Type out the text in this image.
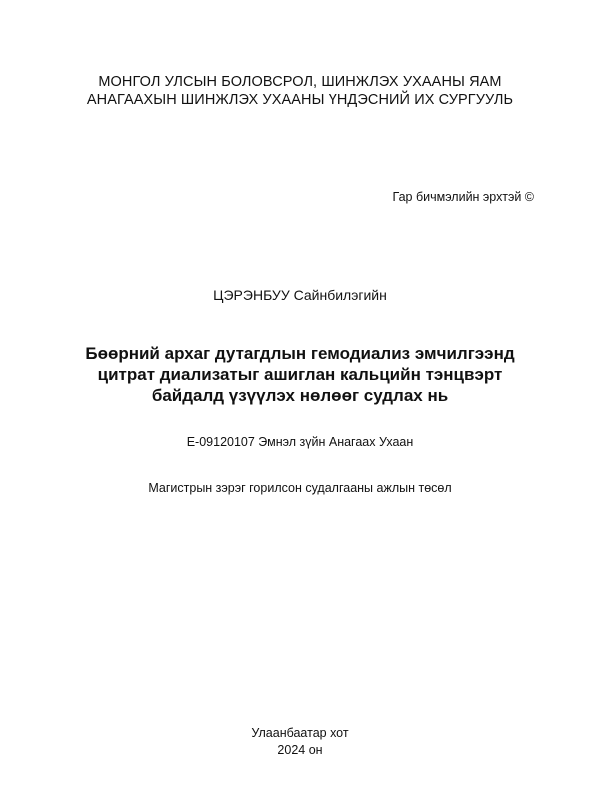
МОНГОЛ УЛСЫН БОЛОВСРОЛ, ШИНЖЛЭХ УХААНЫ ЯАМ
АНАГААХЫН ШИНЖЛЭХ УХААНЫ ҮНДЭСНИЙ ИХ СУРГУУЛЬ
Гар бичмэлийн эрхтэй ©
ЦЭРЭНБУУ Сайнбилэгийн
Бөөрний архаг дутагдлын гемодиализ эмчилгээнд
цитрат диализатыг ашиглан кальцийн тэнцвэрт
байдалд үзүүлэх нөлөөг судлах нь
E-09120107 Эмнэл зүйн Анагаах Ухаан
Магистрын зэрэг горилсон судалгааны ажлын төсөл
Улаанбаатар хот
2024 он
